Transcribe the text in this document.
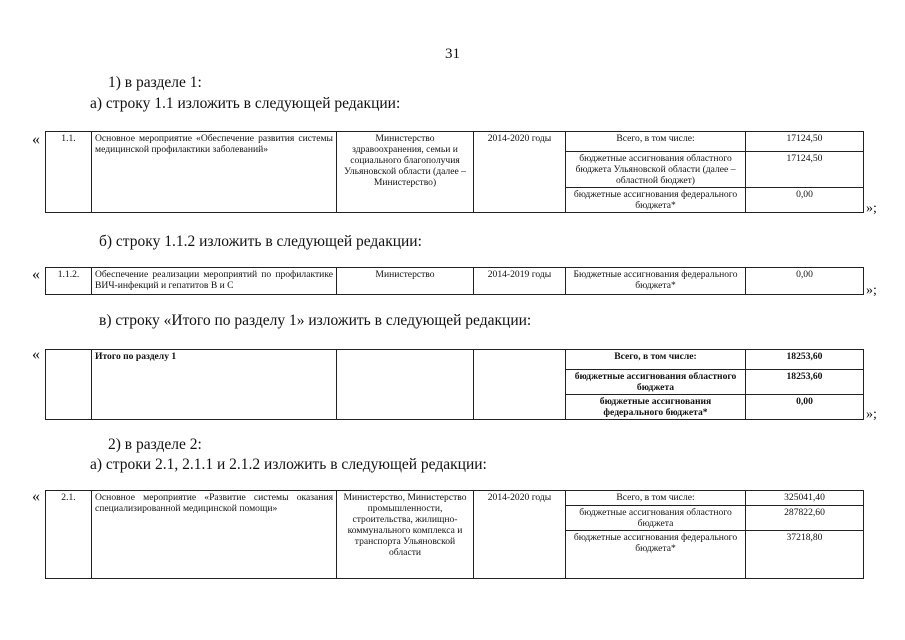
31
1) в разделе 1:
а) строку 1.1 изложить в следующей редакции:
« 1.1.	Основное мероприятие «Обеспечение развития системы медицинской профилактики заболеваний»	Министерство здравоохранения, семьи и социального благополучия Ульяновской области (далее – Министерство)	2014-2020 годы	Всего, в том числе:	17124,50
				бюджетные ассигнования областного бюджета Ульяновской области (далее – областной бюджет)	17124,50
				бюджетные ассигнования федерального бюджета*	0,00
»;
б) строку 1.1.2 изложить в следующей редакции:
« 1.1.2.	Обеспечение реализации мероприятий по профилактике ВИЧ-инфекций и гепатитов В и С	Министерство	2014-2019 годы	Бюджетные ассигнования федерального бюджета*	0,00
»;
в) строку «Итого по разделу 1» изложить в следующей редакции:
«
		Итого по разделу 1			Всего, в том числе:	18253,60
				бюджетные ассигнования областного бюджета	18253,60
				бюджетные ассигнования федерального бюджета*	0,00
»;
2) в разделе 2:
а) строки 2.1, 2.1.1 и 2.1.2 изложить в следующей редакции:
« 2.1.	Основное мероприятие «Развитие системы оказания специализированной медицинской помощи»	Министерство, Министерство промышленности, строительства, жилищно-коммунального комплекса и транспорта Ульяновской области	2014-2020 годы	Всего, в том числе:	325041,40
				бюджетные ассигнования областного бюджета	287822,60
				бюджетные ассигнования федерального бюджета*	37218,80
